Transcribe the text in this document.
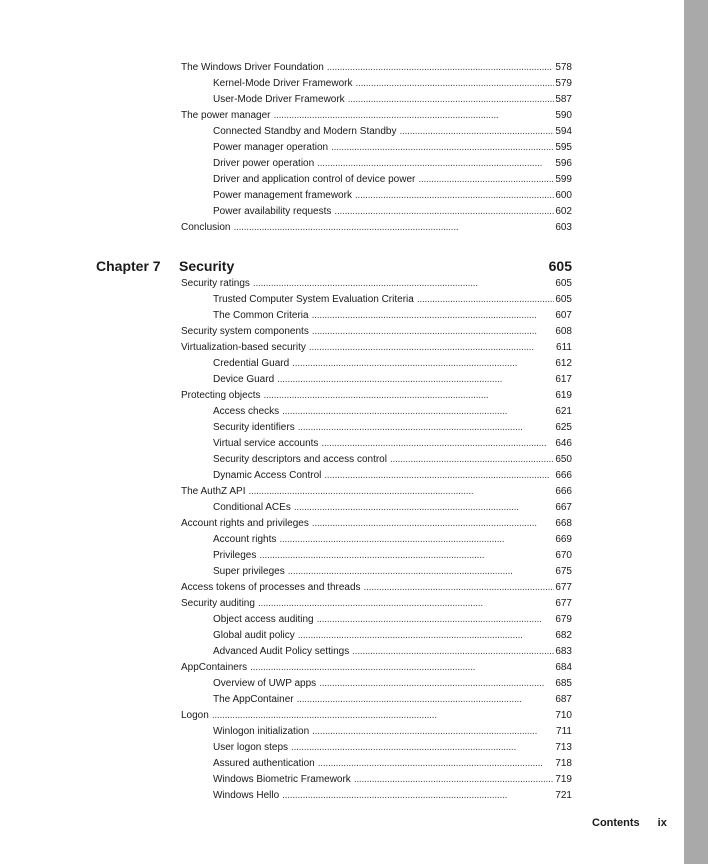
The Windows Driver Foundation . . .	578
Kernel-Mode Driver Framework . . .	579
User-Mode Driver Framework . . .	587
The power manager . . .	590
Connected Standby and Modern Standby . . .	594
Power manager operation . . .	595
Driver power operation . . .	596
Driver and application control of device power . . .	599
Power management framework . . .	600
Power availability requests . . .	602
Conclusion . . .	603
Chapter 7 Security	605
Security ratings . . .	605
Trusted Computer System Evaluation Criteria . . .	605
The Common Criteria . . .	607
Security system components . . .	608
Virtualization-based security . . .	611
Credential Guard . . .	612
Device Guard . . .	617
Protecting objects . . .	619
Access checks . . .	621
Security identifiers . . .	625
Virtual service accounts . . .	646
Security descriptors and access control . . .	650
Dynamic Access Control . . .	666
The AuthZ API . . .	666
Conditional ACEs . . .	667
Account rights and privileges . . .	668
Account rights . . .	669
Privileges . . .	670
Super privileges . . .	675
Access tokens of processes and threads . . .	677
Security auditing . . .	677
Object access auditing . . .	679
Global audit policy . . .	682
Advanced Audit Policy settings . . .	683
AppContainers . . .	684
Overview of UWP apps . . .	685
The AppContainer . . .	687
Logon . . .	710
Winlogon initialization . . .	711
User logon steps . . .	713
Assured authentication . . .	718
Windows Biometric Framework . . .	719
Windows Hello . . .	721
Contents ix
